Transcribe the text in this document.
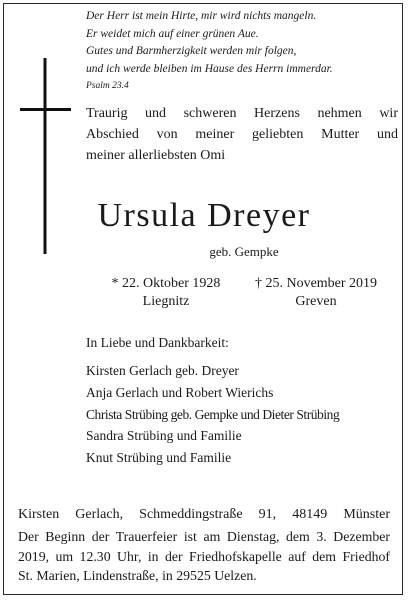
Der Herr ist mein Hirte, mir wird nichts mangeln.
Er weidet mich auf einer grünen Aue.
Gutes und Barmherzigkeit werden mir folgen,
und ich werde bleiben im Hause des Herrn immerdar.
Psalm 23.4
Traurig und schweren Herzens nehmen wir
Abschied von meiner geliebten Mutter und
meiner allerliebsten Omi
Ursula Dreyer
geb. Gempke
* 22. Oktober 1928
Liegnitz
† 25. November 2019
Greven
In Liebe und Dankbarkeit:
Kirsten Gerlach geb. Dreyer
Anja Gerlach und Robert Wierichs
Christa Strübing geb. Gempke und Dieter Strübing
Sandra Strübing und Familie
Knut Strübing und Familie
Kirsten Gerlach, Schmeddingstraße 91, 48149 Münster
Der Beginn der Trauerfeier ist am Dienstag, dem 3. Dezember
2019, um 12.30 Uhr, in der Friedhofskapelle auf dem Friedhof
St. Marien, Lindenstraße, in 29525 Uelzen.
